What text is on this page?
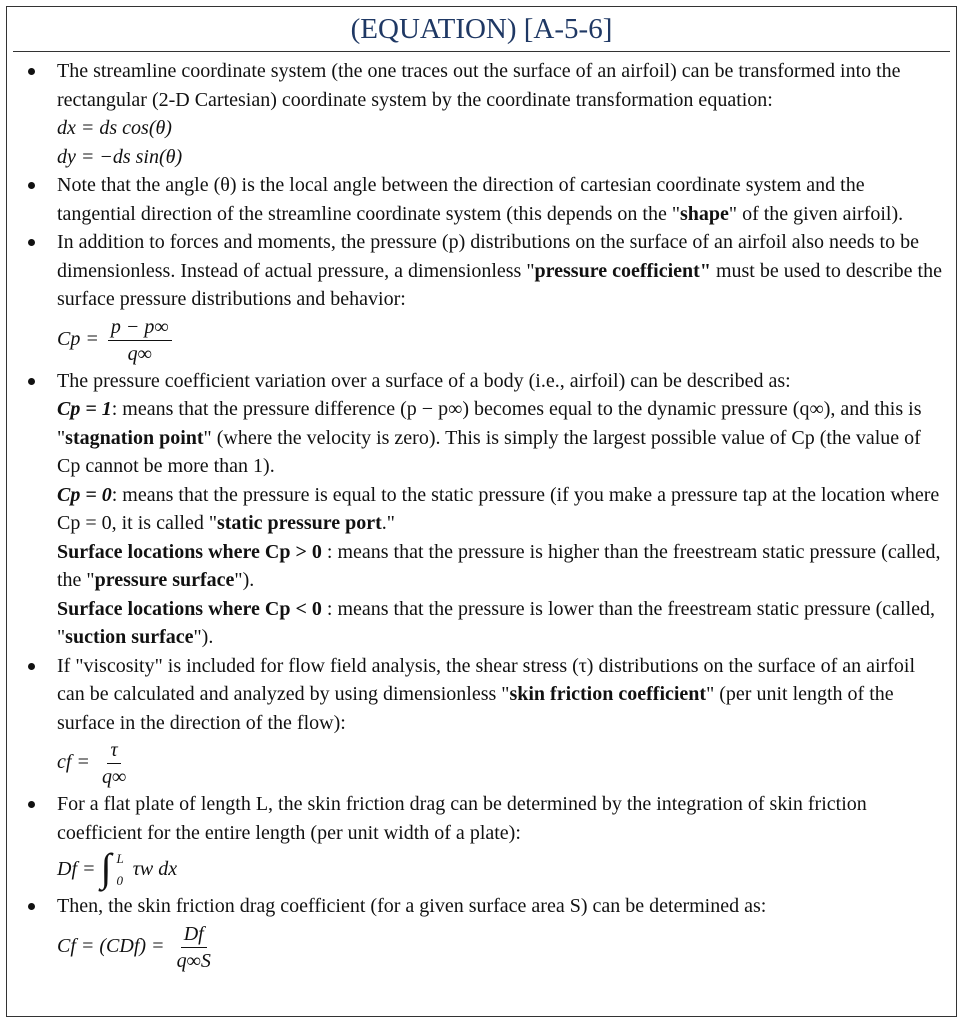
(EQUATION) [A-5-6]
The streamline coordinate system (the one traces out the surface of an airfoil) can be transformed into the rectangular (2-D Cartesian) coordinate system by the coordinate transformation equation:
dx = ds cos(θ)
dy = −ds sin(θ)
Note that the angle (θ) is the local angle between the direction of cartesian coordinate system and the tangential direction of the streamline coordinate system (this depends on the "shape" of the given airfoil).
In addition to forces and moments, the pressure (p) distributions on the surface of an airfoil also needs to be dimensionless. Instead of actual pressure, a dimensionless "pressure coefficient" must be used to describe the surface pressure distributions and behavior:
$Cp = \frac{p - p\infty}{q\infty}$
The pressure coefficient variation over a surface of a body (i.e., airfoil) can be described as:
Cp = 1: means that the pressure difference (p − p∞) becomes equal to the dynamic pressure (q∞), and this is "stagnation point" (where the velocity is zero). This is simply the largest possible value of Cp (the value of Cp cannot be more than 1).
Cp = 0: means that the pressure is equal to the static pressure (if you make a pressure tap at the location where Cp = 0, it is called "static pressure port."
Surface locations where Cp > 0 : means that the pressure is higher than the freestream static pressure (called, the "pressure surface").
Surface locations where Cp < 0 : means that the pressure is lower than the freestream static pressure (called, "suction surface").
If "viscosity" is included for flow field analysis, the shear stress (τ) distributions on the surface of an airfoil can be calculated and analyzed by using dimensionless "skin friction coefficient" (per unit length of the surface in the direction of the flow):
cf = $\frac{\tau}{q\infty}$
For a flat plate of length L, the skin friction drag can be determined by the integration of skin friction coefficient for the entire length (per unit width of a plate):
Df = ∫ L
0
τw dx
Then, the skin friction drag coefficient (for a given surface area S) can be determined as:
$Cf = (CDf) = \frac{Df}{q\infty S}$
